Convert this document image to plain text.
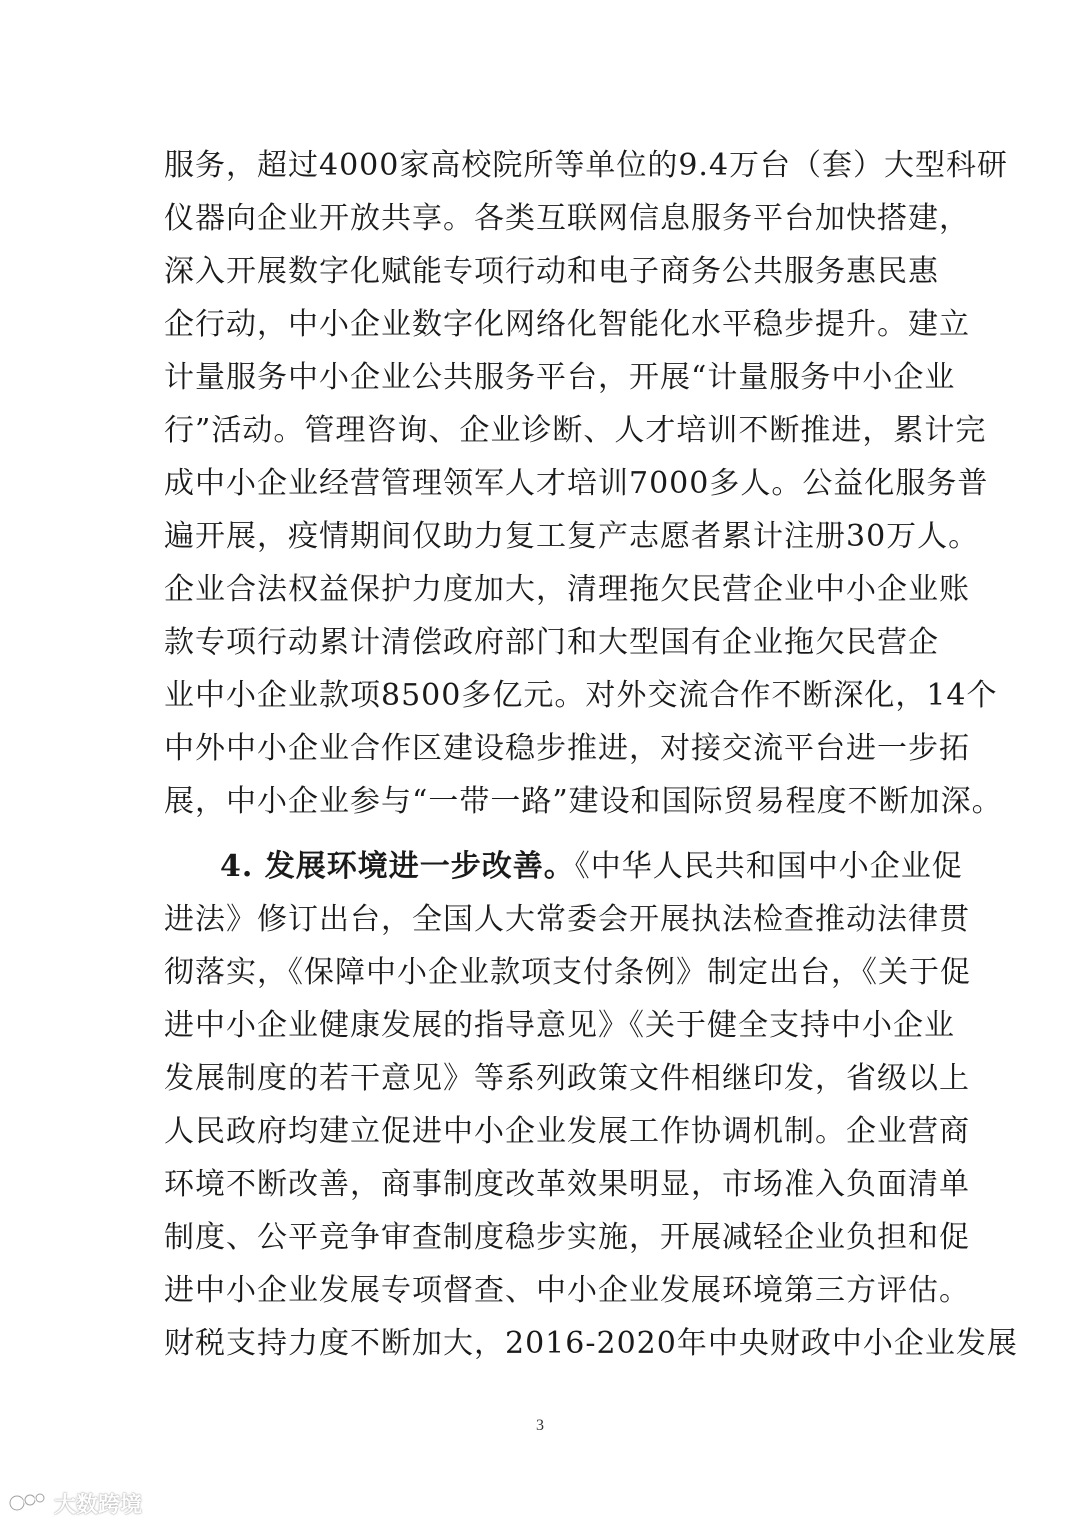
服务，超过4000家高校院所等单位的9.4万台（套）大型科研
仪器向企业开放共享。各类互联网信息服务平台加快搭建，
深入开展数字化赋能专项行动和电子商务公共服务惠民惠
企行动，中小企业数字化网络化智能化水平稳步提升。建立
计量服务中小企业公共服务平台，开展“计量服务中小企业
行”活动。管理咨询、企业诊断、人才培训不断推进，累计完
成中小企业经营管理领军人才培训7000多人。公益化服务普
遍开展，疫情期间仅助力复工复产志愿者累计注册30万人。
企业合法权益保护力度加大，清理拖欠民营企业中小企业账
款专项行动累计清偿政府部门和大型国有企业拖欠民营企
业中小企业款项8500多亿元。对外交流合作不断深化，14个
中外中小企业合作区建设稳步推进，对接交流平台进一步拓
展，中小企业参与“一带一路”建设和国际贸易程度不断加深。
4. 发展环境进一步改善。《中华人民共和国中小企业促
进法》修订出台，全国人大常委会开展执法检查推动法律贯
彻落实，《保障中小企业款项支付条例》制定出台，《关于促
进中小企业健康发展的指导意见》《关于健全支持中小企业
发展制度的若干意见》等系列政策文件相继印发，省级以上
人民政府均建立促进中小企业发展工作协调机制。企业营商
环境不断改善，商事制度改革效果明显，市场准入负面清单
制度、公平竞争审查制度稳步实施，开展减轻企业负担和促
进中小企业发展专项督查、中小企业发展环境第三方评估。
财税支持力度不断加大，2016-2020年中央财政中小企业发展
3
大数跨境
